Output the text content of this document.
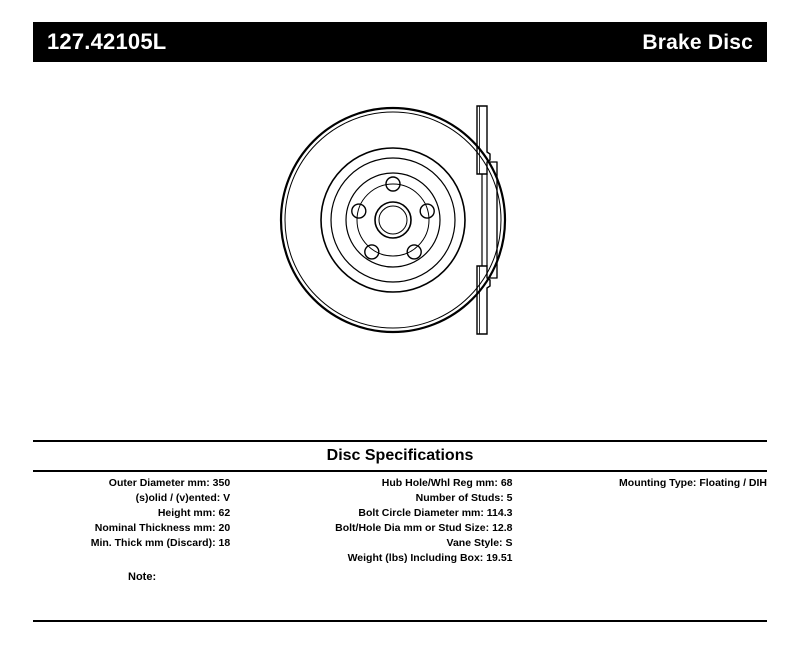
127.42105L	Brake Disc
Disc Specifications
Outer Diameter mm: 350
(s)olid / (v)ented: V
Height mm: 62
Nominal Thickness mm: 20
Min. Thick mm (Discard): 18
Hub Hole/Whl Reg mm: 68
Number of Studs: 5
Bolt Circle Diameter mm: 114.3
Bolt/Hole Dia mm or Stud Size: 12.8
Vane Style: S
Weight (lbs) Including Box: 19.51
Mounting Type: Floating / DIH
Note:
